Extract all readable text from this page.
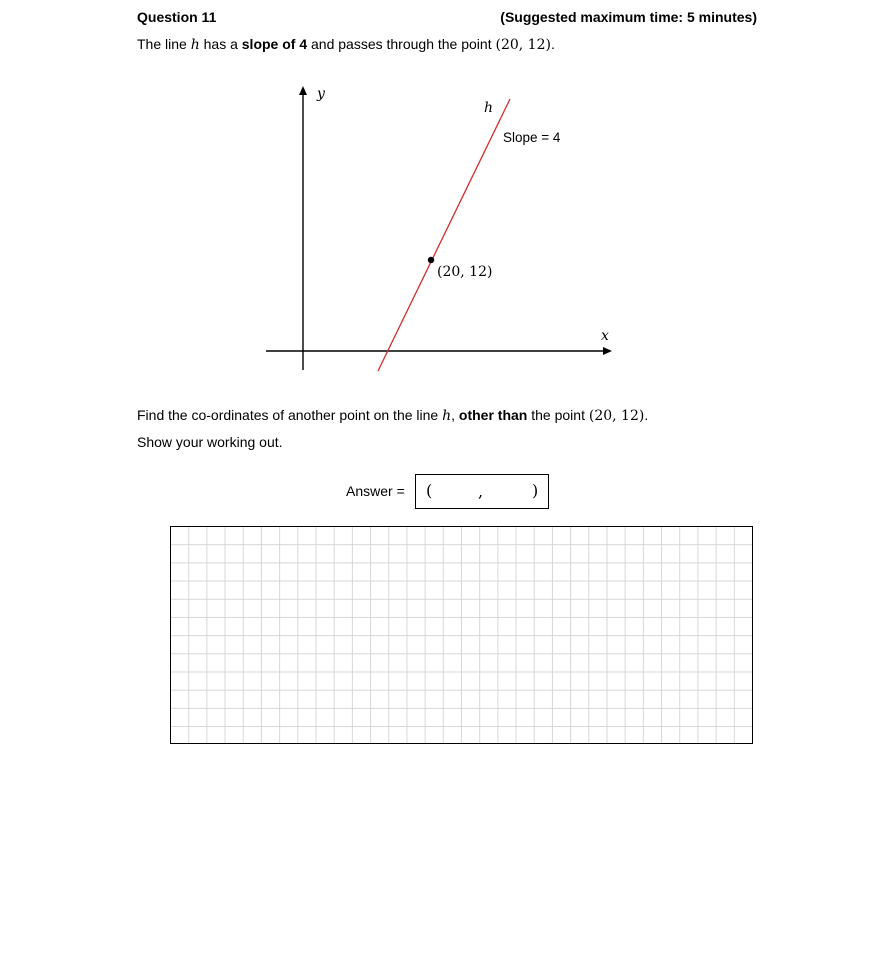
Question 11	(Suggested maximum time: 5 minutes)
The line h has a slope of 4 and passes through the point (20, 12).
y
x
h
Slope = 4
(20, 12)
Find the co-ordinates of another point on the line h, other than the point (20, 12).
Show your working out.
Answer = (	,	)
